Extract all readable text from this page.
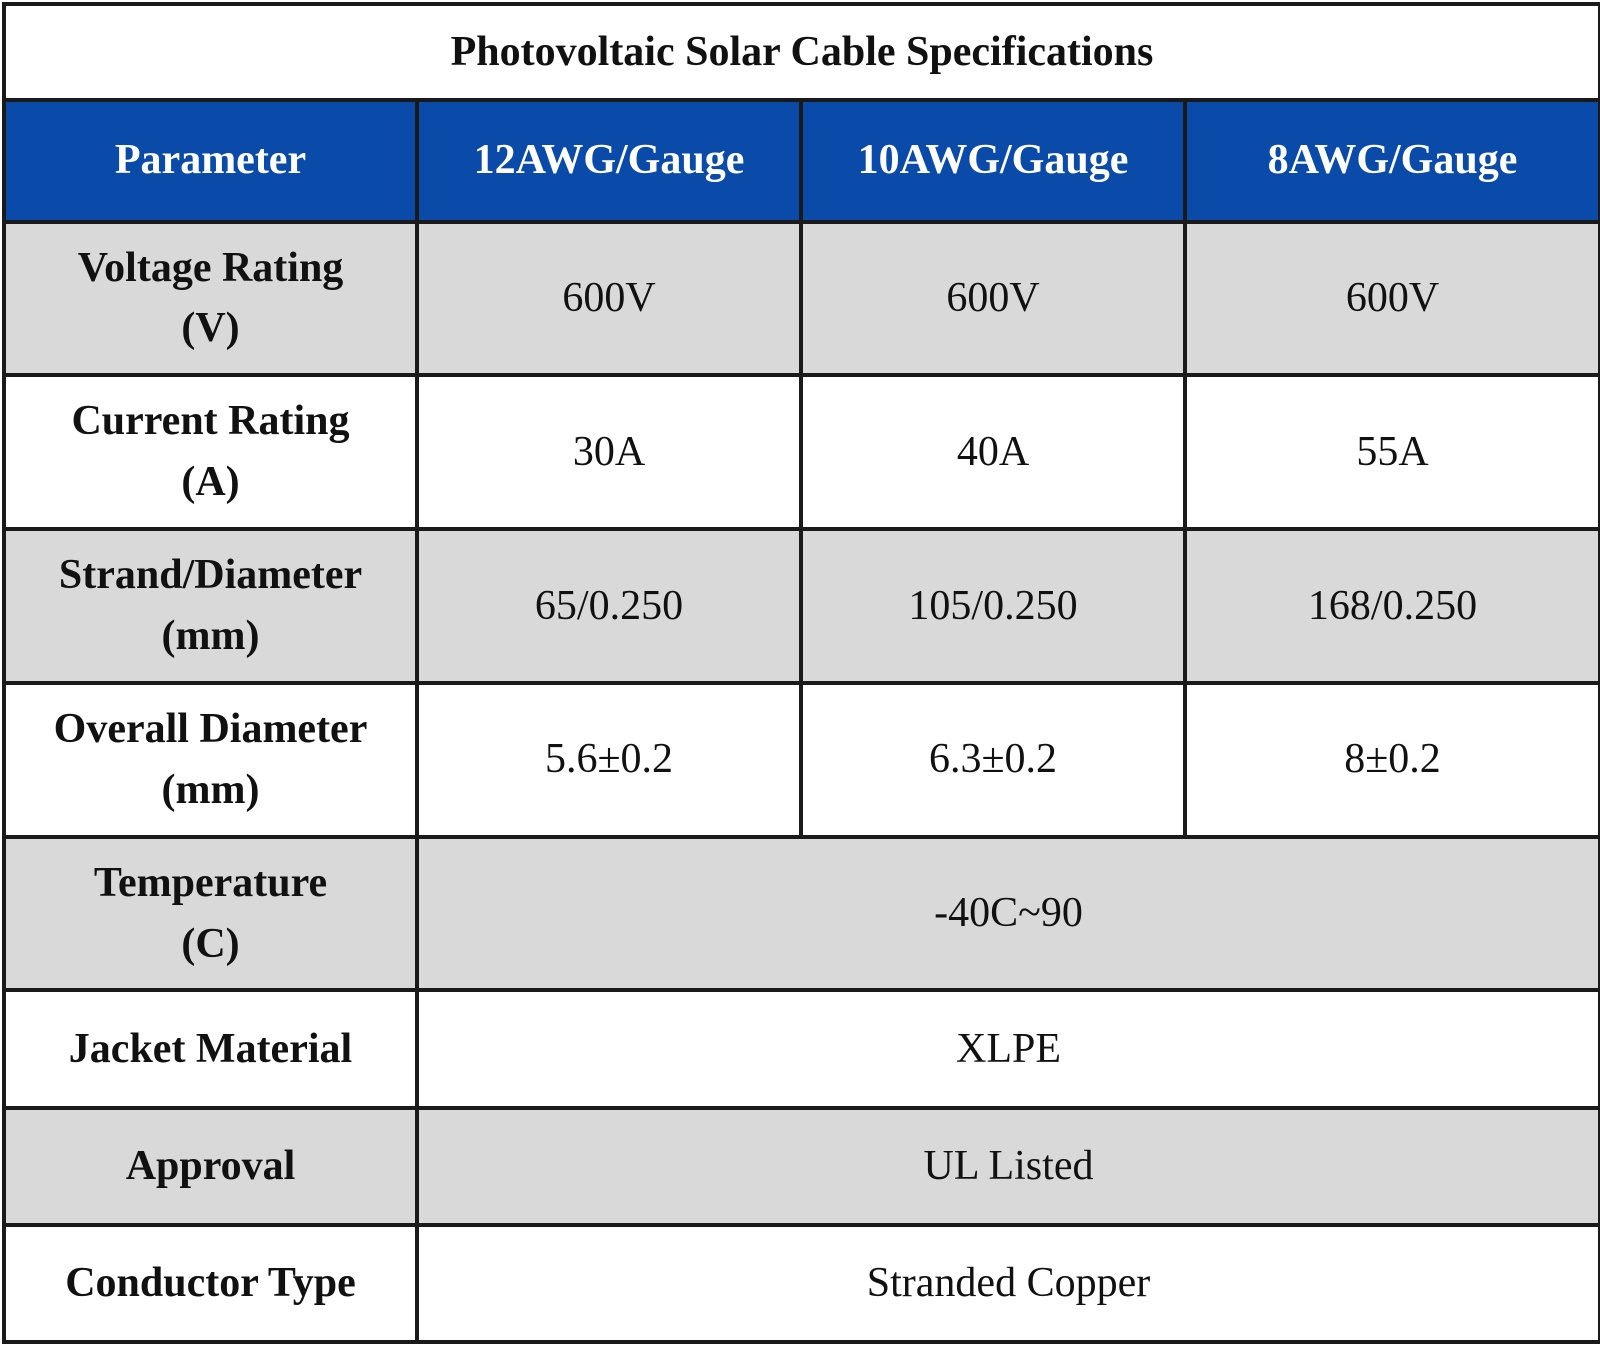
Photovoltaic Solar Cable Specifications			
Parameter	12AWG/Gauge	10AWG/Gauge	8AWG/Gauge

Voltage Rating
(V)	600V	600V	600V

Current Rating
(A)	30A	40A	55A

Strand/Diameter
(mm)	65/0.250	105/0.250	168/0.250

Overall Diameter
(mm)	5.6±0.2	6.3±0.2	8±0.2

Temperature
(C)	-40C~90		
Jacket Material	XLPE		
Approval	UL Listed		
Conductor Type	Stranded Copper		
